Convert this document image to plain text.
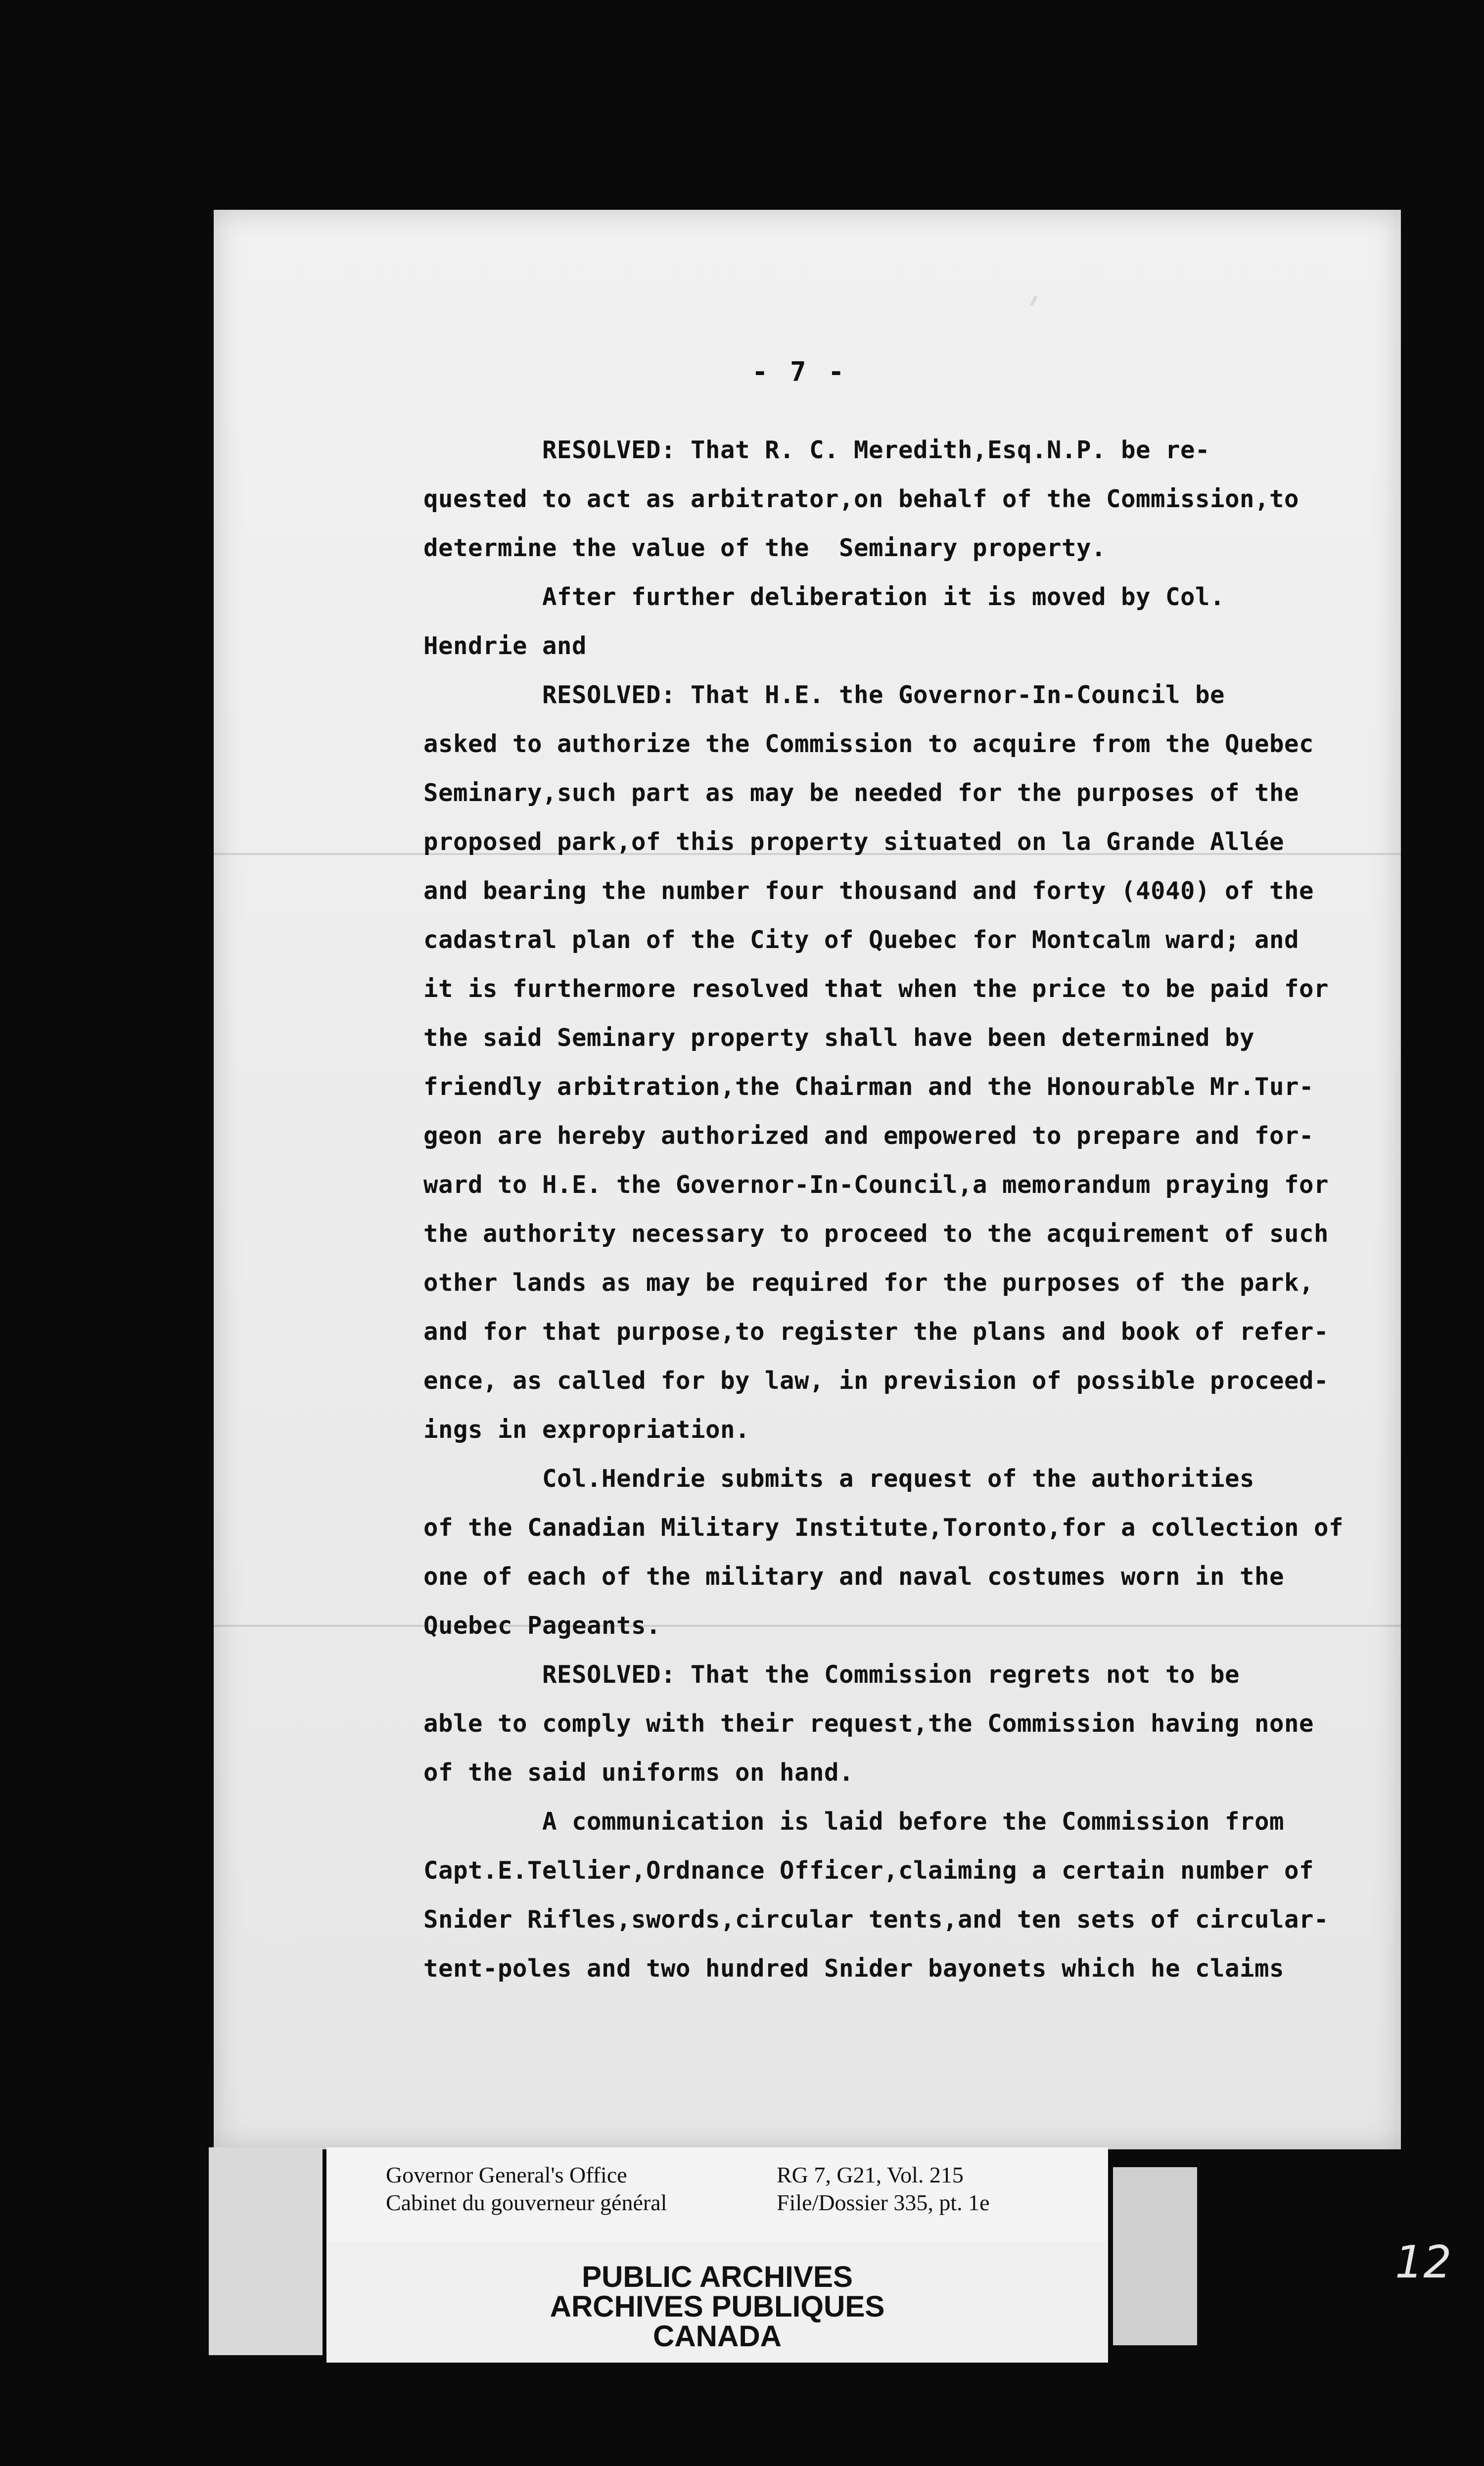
,
- 7 -
RESOLVED: That R. C. Meredith,Esq.N.P. be re-
quested to act as arbitrator,on behalf of the Commission,to
determine the value of the  Seminary property.
After further deliberation it is moved by Col.
Hendrie and
RESOLVED: That H.E. the Governor-In-Council be
asked to authorize the Commission to acquire from the Quebec
Seminary,such part as may be needed for the purposes of the
proposed park,of this property situated on la Grande Allée
and bearing the number four thousand and forty (4040) of the
cadastral plan of the City of Quebec for Montcalm ward; and
it is furthermore resolved that when the price to be paid for
the said Seminary property shall have been determined by
friendly arbitration,the Chairman and the Honourable Mr.Tur-
geon are hereby authorized and empowered to prepare and for-
ward to H.E. the Governor-In-Council,a memorandum praying for
the authority necessary to proceed to the acquirement of such
other lands as may be required for the purposes of the park,
and for that purpose,to register the plans and book of refer-
ence, as called for by law, in prevision of possible proceed-
ings in expropriation.
Col.Hendrie submits a request of the authorities
of the Canadian Military Institute,Toronto,for a collection of
one of each of the military and naval costumes worn in the
Quebec Pageants.
RESOLVED: That the Commission regrets not to be
able to comply with their request,the Commission having none
of the said uniforms on hand.
A communication is laid before the Commission from
Capt.E.Tellier,Ordnance Officer,claiming a certain number of
Snider Rifles,swords,circular tents,and ten sets of circular-
tent-poles and two hundred Snider bayonets which he claims
Governor General's Office
Cabinet du gouverneur général
RG 7, G21, Vol. 215
File/Dossier 335, pt. 1e
PUBLIC ARCHIVES
ARCHIVES PUBLIQUES
CANADA
12
